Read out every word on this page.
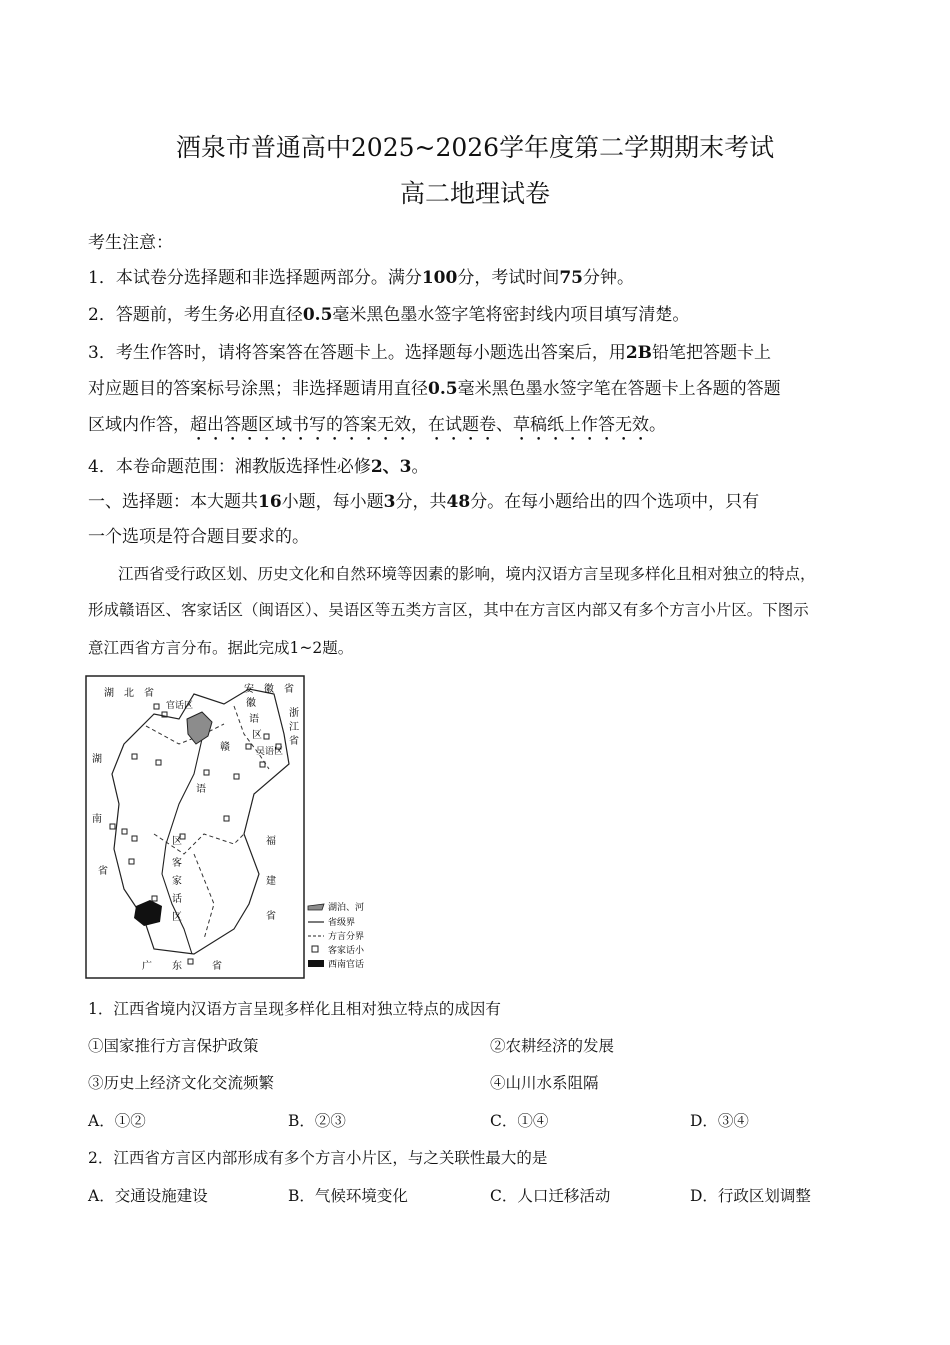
酒泉市普通高中2025~2026学年度第二学期期末考试
高二地理试卷
考生注意：
1．本试卷分选择题和非选择题两部分。满分100分，考试时间75分钟。
2．答题前，考生务必用直径0.5毫米黑色墨水签字笔将密封线内项目填写清楚。
3．考生作答时，请将答案答在答题卡上。选择题每小题选出答案后，用2B铅笔把答题卡上
对应题目的答案标号涂黑；非选择题请用直径0.5毫米黑色墨水签字笔在答题卡上各题的答题
区域内作答，超出答题区域书写的答案无效，在试题卷、草稿纸上作答无效。
4．本卷命题范围：湘教版选择性必修2、3。
一、选择题：本大题共16小题，每小题3分，共48分。在每小题给出的四个选项中，只有
一个选项是符合题目要求的。
江西省受行政区划、历史文化和自然环境等因素的影响，境内汉语方言呈现多样化且相对独立的特点，
形成赣语区、客家话区（闽语区）、吴语区等五类方言区，其中在方言区内部又有多个方言小片区。下图示
意江西省方言分布。据此完成1~2题。
湖　北　省	安　徽　省
浙
江
省
湖
南
省
福
建
省
广　　东　　　省
官话区	徽
语
区
吴语区
赣
语
区
客
家
话
区
湖泊、河
省级界
方言分界
客家话小
西南官话
1．江西省境内汉语方言呈现多样化且相对独立特点的成因有
①国家推行方言保护政策	②农耕经济的发展
③历史上经济文化交流频繁	④山川水系阻隔
A．①②	B．②③	C．①④	D．③④
2．江西省方言区内部形成有多个方言小片区，与之关联性最大的是
A．交通设施建设	B．气候环境变化	C．人口迁移活动	D．行政区划调整
